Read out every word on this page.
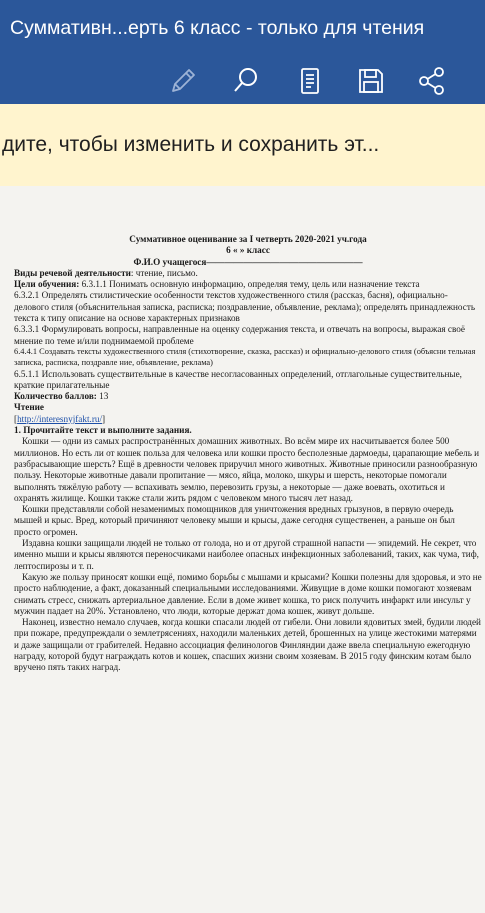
Суммативн...ерть 6 класс - только для чтения
дите, чтобы изменить и сохранить эт...

Суммативное оценивание за I четверть 2020-2021 уч.года

6 « » класс

Ф.И.О учащегося—————————————————

Виды речевой деятельности: чтение, письмо.

Цели обучения: 6.3.1.1 Понимать основную информацию, определяя тему, цель или назначение текста

6.3.2.1 Определять стилистические особенности текстов художественного стиля (рассказ, басня), официально-делового стиля (объяснительная записка, расписка; поздравление, объявление, реклама); определять принадлежность текста к типу описание на основе характерных признаков

6.3.3.1 Формулировать вопросы, направленные на оценку содержания текста, и отвечать на вопросы, выражая своё мнение по теме и/или поднимаемой проблеме

6.4.4.1 Создавать тексты художественного стиля (стихотворение, сказка, рассказ) и официально-делового стиля (объясни тельная записка, расписка, поздравле ние, объявление, реклама)

6.5.1.1 Использовать существительные в качестве несогласованных определений, отглагольные существительные, краткие прилагательные

Количество баллов: 13

Чтение

[http://interesnyjfakt.ru/]

1. Прочитайте текст и выполните задания.

Кошки — одни из самых распространённых домашних животных. Во всём мире их насчитывается более 500 миллионов. Но есть ли от кошек польза для человека или кошки просто бесполезные дармоеды, царапающие мебель и разбрасывающие шерсть? Ещё в древности человек приручил много животных. Животные приносили разнообразную пользу. Некоторые животные давали пропитание — мясо, яйца, молоко, шкуры и шерсть, некоторые помогали выполнять тяжёлую работу — вспахивать землю, перевозить грузы, а некоторые — даже воевать, охотиться и охранять жилище. Кошки также стали жить рядом с человеком много тысяч лет назад.

Кошки представляли собой незаменимых помощников для уничтожения вредных грызунов, в первую очередь мышей и крыс. Вред, который причиняют человеку мыши и крысы, даже сегодня существенен, а раньше он был просто огромен.

Издавна кошки защищали людей не только от голода, но и от другой страшной напасти — эпидемий. Не секрет, что именно мыши и крысы являются переносчиками наиболее опасных инфекционных заболеваний, таких, как чума, тиф, лептоспирозы и т. п.

Какую же пользу приносят кошки ещё, помимо борьбы с мышами и крысами? Кошки полезны для здоровья, и это не просто наблюдение, а факт, доказанный специальными исследованиями. Живущие в доме кошки помогают хозяевам снимать стресс, снижать артериальное давление. Если в доме живет кошка, то риск получить инфаркт или инсульт у мужчин падает на 20%. Установлено, что люди, которые держат дома кошек, живут дольше.

Наконец, известно немало случаев, когда кошки спасали людей от гибели. Они ловили ядовитых змей, будили людей при пожаре, предупреждали о землетрясениях, находили маленьких детей, брошенных на улице жестокими матерями и даже защищали от грабителей. Недавно ассоциация фелинологов Финляндии даже ввела специальную ежегодную награду, которой будут награждать котов и кошек, спасших жизни своим хозяевам. В 2015 году финским котам было вручено пять таких наград.
